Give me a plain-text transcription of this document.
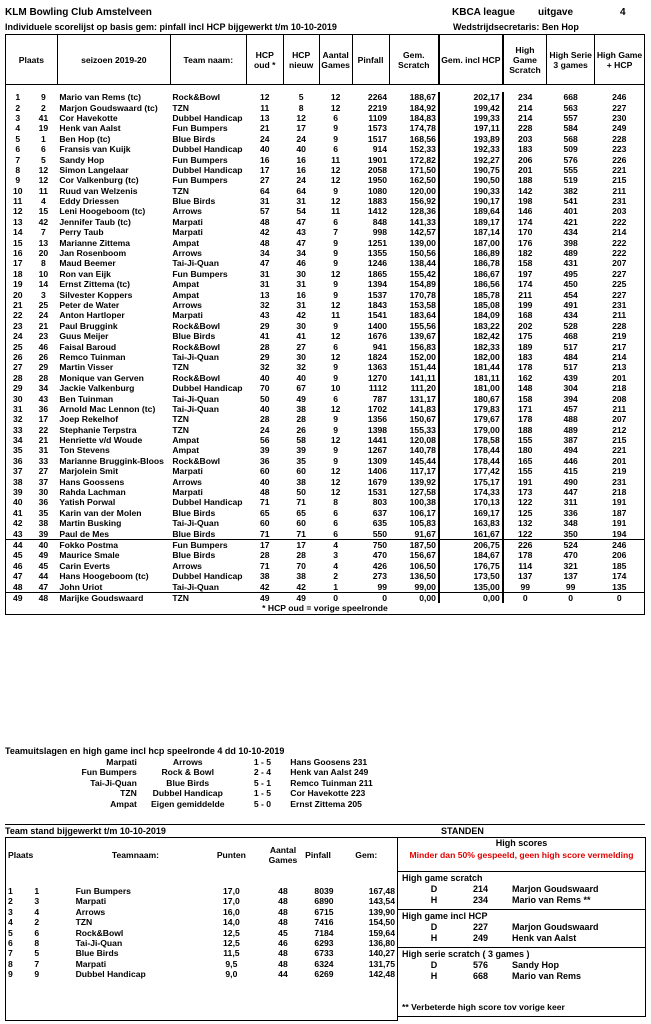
KLM Bowling Club Amstelveen	KBCA league uitgave	4
Individuele scorelijst op basis gem: pinfall incl HCP bijgewerkt t/m 10-10-2019	Wedstrijdsecretaris: Ben Hop
Plaats		seizoen 2019-20	Team naam:	HCP oud *	HCP nieuw	Aantal Games	Pinfall	Gem. Scratch	Gem. incl HCP	High Game Scratch	High Serie 3 games	High Game + HCP

1	9	Mario van Rems (tc)	Rock&Bowl	12	5	12	2264	188,67	202,17	234	668	246
2	2	Marjon Goudswaard (tc)	TZN	11	8	12	2219	184,92	199,42	214	563	227
3	41	Cor Havekotte	Dubbel Handicap	13	12	6	1109	184,83	199,33	214	557	230
4	19	Henk van Aalst	Fun Bumpers	21	17	9	1573	174,78	197,11	228	584	249
5	1	Ben Hop (tc)	Blue Birds	24	24	9	1517	168,56	193,89	203	568	228
6	6	Fransis van Kuijk	Dubbel Handicap	40	40	6	914	152,33	192,33	183	509	223
7	5	Sandy Hop	Fun Bumpers	16	16	11	1901	172,82	192,27	206	576	226
8	12	Simon Langelaar	Dubbel Handicap	17	16	12	2058	171,50	190,75	201	555	221
9	12	Cor Valkenburg (tc)	Fun Bumpers	27	24	12	1950	162,50	190,50	188	519	215
10	11	Ruud van Welzenis	TZN	64	64	9	1080	120,00	190,33	142	382	211
11	4	Eddy Driessen	Blue Birds	31	31	12	1883	156,92	190,17	198	541	231
12	15	Leni Hoogeboom (tc)	Arrows	57	54	11	1412	128,36	189,64	146	401	203
13	42	Jennifer Taub (tc)	Marpati	48	47	6	848	141,33	189,17	174	421	222
14	7	Perry Taub	Marpati	42	43	7	998	142,57	187,14	170	434	214
15	13	Marianne Zittema	Ampat	48	47	9	1251	139,00	187,00	176	398	222
16	20	Jan Rosenboom	Arrows	34	34	9	1355	150,56	186,89	182	489	222
17	8	Maud Beemer	Tai-Ji-Quan	47	46	9	1246	138,44	186,78	158	431	207
18	10	Ron van Eijk	Fun Bumpers	31	30	12	1865	155,42	186,67	197	495	227
19	14	Ernst Zittema (tc)	Ampat	31	31	9	1394	154,89	186,56	174	450	225
20	3	Silvester Koppers	Ampat	13	16	9	1537	170,78	185,78	211	454	227
21	25	Peter de Water	Arrows	32	31	12	1843	153,58	185,08	199	491	231
22	24	Anton Hartloper	Marpati	43	42	11	1541	183,64	184,09	168	434	211
23	21	Paul Bruggink	Rock&Bowl	29	30	9	1400	155,56	183,22	202	528	228
24	23	Guus Meijer	Blue Birds	41	41	12	1676	139,67	182,42	175	468	219
25	46	Faisal Baroud	Rock&Bowl	28	27	6	941	156,83	182,33	189	517	217
26	26	Remco Tuinman	Tai-Ji-Quan	29	30	12	1824	152,00	182,00	183	484	214
27	29	Martin Visser	TZN	32	32	9	1363	151,44	181,44	178	517	213
28	28	Monique van Gerven	Rock&Bowl	40	40	9	1270	141,11	181,11	162	439	201
29	34	Jackie Valkenburg	Dubbel Handicap	70	67	10	1112	111,20	181,00	148	304	218
30	43	Ben Tuinman	Tai-Ji-Quan	50	49	6	787	131,17	180,67	158	394	208
31	36	Arnold Mac Lennon (tc)	Tai-Ji-Quan	40	38	12	1702	141,83	179,83	171	457	211
32	17	Joep Rekelhof	TZN	28	28	9	1356	150,67	179,67	178	488	207
33	22	Stephanie Terpstra	TZN	24	26	9	1398	155,33	179,00	188	489	212
34	21	Henriette v/d Woude	Ampat	56	58	12	1441	120,08	178,58	155	387	215
35	31	Ton Stevens	Ampat	39	39	9	1267	140,78	178,44	180	494	221
36	33	Marianne Bruggink-Bloos	Rock&Bowl	36	35	9	1309	145,44	178,44	165	446	201
37	27	Marjolein Smit	Marpati	60	60	12	1406	117,17	177,42	155	415	219
38	37	Hans Goossens	Arrows	40	38	12	1679	139,92	175,17	191	490	231
39	30	Rahda Lachman	Marpati	48	50	12	1531	127,58	174,33	173	447	218
40	36	Yatish Porwal	Dubbel Handicap	71	71	8	803	100,38	170,13	122	311	191
41	35	Karin van der Molen	Blue Birds	65	65	6	637	106,17	169,17	125	336	187
42	38	Martin Busking	Tai-Ji-Quan	60	60	6	635	105,83	163,83	132	348	191
43	39	Paul de Mes	Blue Birds	71	71	6	550	91,67	161,67	122	350	194
44	40	Fokko Postma	Fun Bumpers	17	17	4	750	187,50	206,75	226	524	246
45	49	Maurice Smale	Blue Birds	28	28	3	470	156,67	184,67	178	470	206
46	45	Carin Everts	Arrows	71	70	4	426	106,50	176,75	114	321	185
47	44	Hans Hoogeboom (tc)	Dubbel Handicap	38	38	2	273	136,50	173,50	137	137	174
48	47	John Uriot	Tai-Ji-Quan	42	42	1	99	99,00	135,00	99	99	135
49	48	Marijke Goudswaard	TZN	49	49	0	0	0,00	0,00	0	0	0
* HCP oud = vorige speelronde												
Teamuitslagen en high game incl hcp speelronde 4 dd 10-10-2019
Marpati	Arrows	1 - 5	Hans Goosens 231
Fun Bumpers	Rock & Bowl	2 - 4	Henk van Aalst 249
Tai-Ji-Quan	Blue Birds	5 - 1	Remco Tuinman 211
TZN	Dubbel Handicap	1 - 5	Cor Havekotte 223
Ampat	Eigen gemiddelde	5 - 0	Ernst Zittema 205
Team stand bijgewerkt t/m 10-10-2019	STANDEN
Plaats		Teamnaam:	Punten	Aantal Games	Pinfall	Gem:

1	1	Fun Bumpers	17,0	48	8039	167,48
2	3	Marpati	17,0	48	6890	143,54
3	4	Arrows	16,0	48	6715	139,90
4	2	TZN	14,0	48	7416	154,50
5	6	Rock&Bowl	12,5	45	7184	159,64
6	8	Tai-Ji-Quan	12,5	46	6293	136,80
7	5	Blue Birds	11,5	48	6733	140,27
8	7	Marpati	9,5	48	6324	131,75
9	9	Dubbel Handicap	9,0	44	6269	142,48

High scores
Minder dan 50% gespeeld, geen high score vermelding
High game scratch
D	214	Marjon Goudswaard
H	234	Mario van Rems **
High game incl HCP
D	227	Marjon Goudswaard
H	249	Henk van Aalst
High serie scratch ( 3 games )
D	576	Sandy Hop
H	668	Mario van Rems
** Verbeterde high score tov vorige keer
